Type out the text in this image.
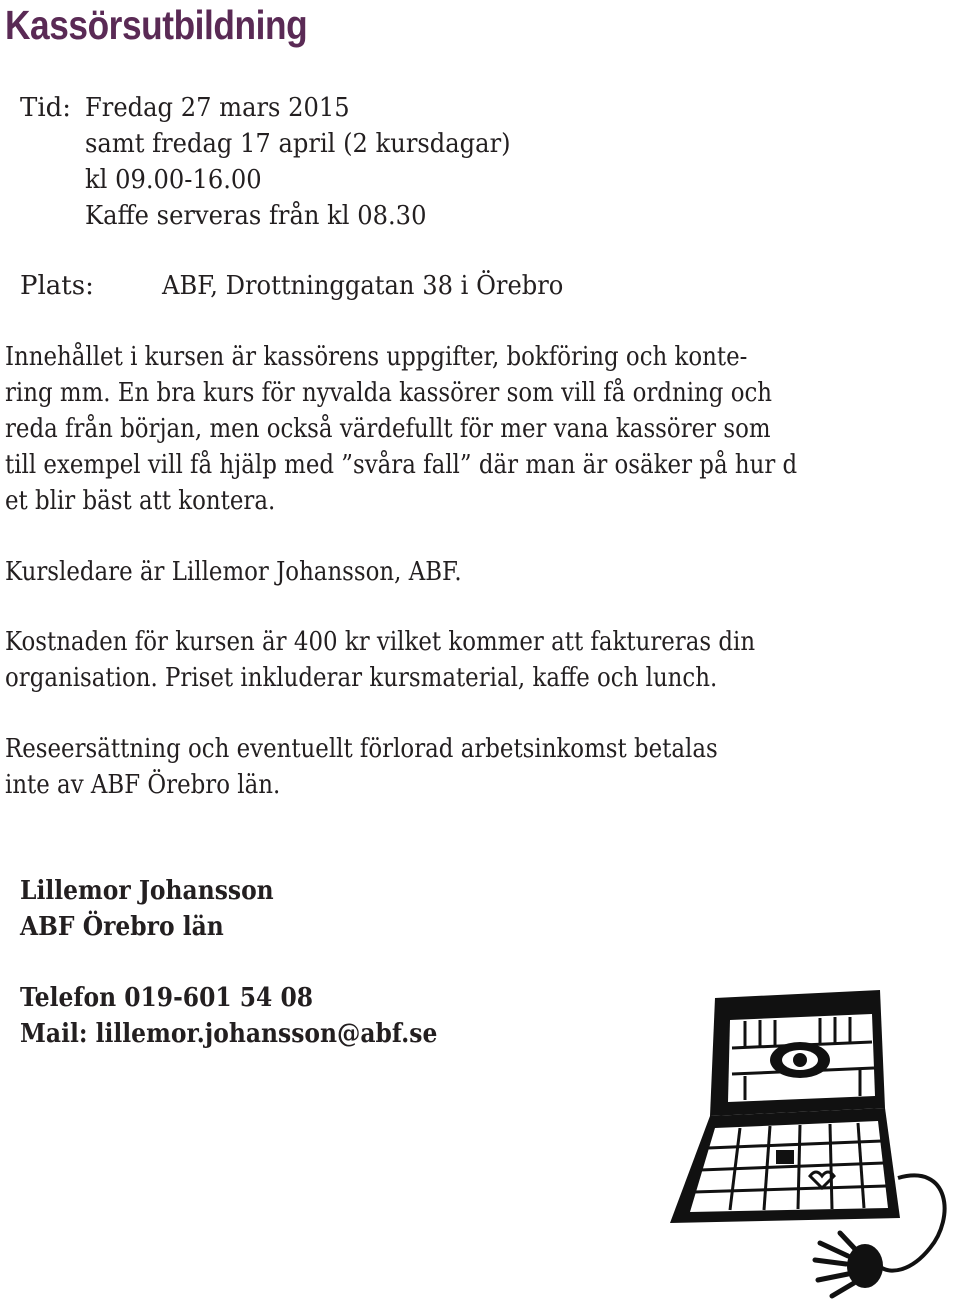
Kassörsutbildning
Tid: Fredag 27 mars 2015
samt fredag 17 april (2 kursdagar)
kl 09.00-16.00
Kaffe serveras från kl 08.30
Plats:	ABF, Drottninggatan 38 i Örebro
Innehållet i kursen är kassörens uppgifter, bokföring och konte-
ring mm. En bra kurs för nyvalda kassörer som vill få ordning och
reda från början, men också värdefullt för mer vana kassörer som
till exempel vill få hjälp med ”svåra fall” där man är osäker på hur d
et blir bäst att kontera.
Kursledare är Lillemor Johansson, ABF.
Kostnaden för kursen är 400 kr vilket kommer att faktureras din
organisation. Priset inkluderar kursmaterial, kaffe och lunch.
Reseersättning och eventuellt förlorad arbetsinkomst betalas
inte av ABF Örebro län.
Lillemor Johansson
ABF Örebro län
Telefon 019-601 54 08
Mail: lillemor.johansson@abf.se
